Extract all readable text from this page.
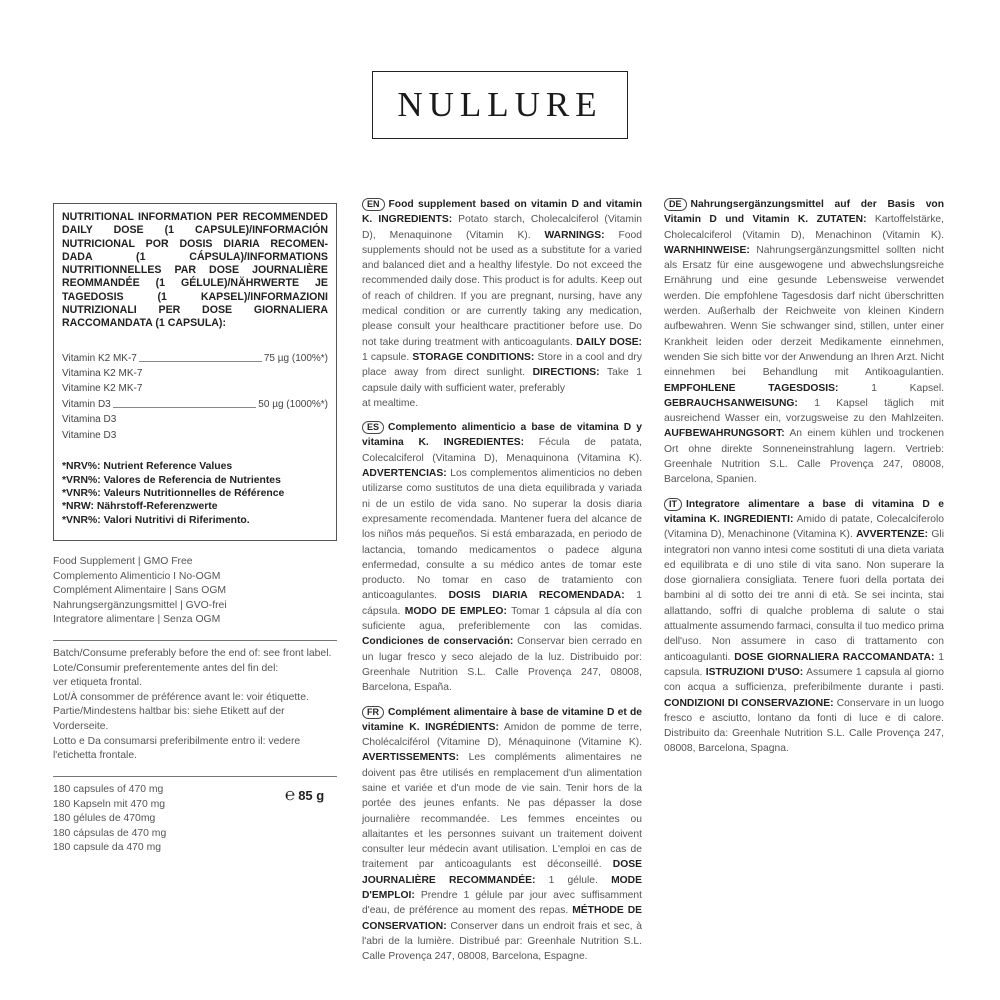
NULLURE

NUTRITIONAL INFORMATION PER RECOMMENDED DAILY DOSE (1 CAPSULE)/INFORMACIÓN NUTRICIONAL POR DOSIS DIARIA RECOMEN- DADA (1 CÁPSULA)/INFORMATIONS NUTRITIONNELLES PAR DOSE JOURNALIÈRE REOMMANDÉE (1 GÉLULE)/NÄHRWERTE JE TAGEDOSIS (1 KAPSEL)/INFORMAZIONI NUTRIZIONALI PER DOSE GIORNALIERA RACCOMANDATA (1 CAPSULA):

Vitamin K2 MK-7	75 µg (100%*)
Vitamina K2 MK-7
Vitamine K2 MK-7
Vitamin D3	50 µg (1000%*)
Vitamina D3
Vitamine D3
*NRV%: Nutrient Reference Values
*VRN%: Valores de Referencia de Nutrientes
*VNR%: Valeurs Nutritionnelles de Référence
*NRW: Nährstoff-Referenzwerte
*VNR%: Valori Nutritivi di Riferimento.
Food Supplement | GMO Free
Complemento Alimenticio I No-OGM
Complément Alimentaire | Sans OGM
Nahrungsergänzungsmittel | GVO-frei
Integratore alimentare | Senza OGM
Batch/Consume preferably before the end of: see front label.
Lote/Consumir preferentemente antes del fin del:
ver etiqueta frontal.
Lot/À consommer de préférence avant le: voir étiquette.
Partie/Mindestens haltbar bis: siehe Etikett auf der
Vorderseite.
Lotto e Da consumarsi preferibilmente entro il: vedere
l'etichetta frontale.
180 capsules of 470 mg
180 Kapseln mit 470 mg
180 gélules de 470mg
180 cápsulas de 470 mg
180 capsule da 470 mg
℮ 85 g

EN Food supplement based on vitamin D and vitamin K. INGREDIENTS: Potato starch, Cholecalciferol (Vitamin D), Menaquinone (Vitamin K). WARNINGS: Food supplements should not be used as a substitute for a varied and balanced diet and a healthy lifestyle. Do not exceed the recommended daily dose. This product is for adults. Keep out of reach of children. If you are pregnant, nursing, have any medical condition or are currently taking any medication, please consult your healthcare practitioner before use. Do not take during treatment with anticoagulants. DAILY DOSE: 1 capsule. STORAGE CONDITIONS: Store in a cool and dry place away from direct sunlight. DIRECTIONS: Take 1 capsule daily with sufficient water, preferably
at mealtime.

ES Complemento alimenticio a base de vitamina D y vitamina K. INGREDIENTES: Fécula de patata, Colecalciferol (Vitamina D), Menaquinona (Vitamina K). ADVERTENCIAS: Los complementos alimenticios no deben utilizarse como sustitutos de una dieta equilibrada y variada ni de un estilo de vida sano. No superar la dosis diaria expresamente recomendada. Mantener fuera del alcance de los niños más pequeños. Si está embarazada, en periodo de lactancia, tomando medicamentos o padece alguna enfermedad, consulte a su médico antes de tomar este producto. No tomar en caso de tratamiento con anticoagulantes. DOSIS DIARIA RECOMENDADA: 1 cápsula. MODO DE EMPLEO: Tomar 1 cápsula al día con suficiente agua, preferiblemente con las comidas. Condiciones de conservación: Conservar bien cerrado en un lugar fresco y seco alejado de la luz. Distribuido por: Greenhale Nutrition S.L. Calle Provença 247, 08008, Barcelona, España.

FR Complément alimentaire à base de vitamine D et de vitamine K. INGRÉDIENTS: Amidon de pomme de terre, Cholécalciférol (Vitamine D), Ménaquinone (Vitamine K). AVERTISSEMENTS: Les compléments alimentaires ne doivent pas être utilisés en remplacement d'un alimentation saine et variée et d'un mode de vie sain. Tenir hors de la portée des jeunes enfants. Ne pas dépasser la dose journalière recommandée. Les femmes enceintes ou allaitantes et les personnes suivant un traitement doivent consulter leur médecin avant utilisation. L'emploi en cas de traitement par anticoagulants est déconseillé. DOSE JOURNALIÈRE RECOMMANDÉE: 1 gélule. MODE D'EMPLOI: Prendre 1 gélule par jour avec suffisamment d'eau, de préférence au moment des repas. MÉTHODE DE CONSERVATION: Conserver dans un endroit frais et sec, à l'abri de la lumière. Distribué par: Greenhale Nutrition S.L. Calle Provença 247, 08008, Barcelona, Espagne.

DE Nahrungsergänzungsmittel auf der Basis von Vitamin D und Vitamin K. ZUTATEN: Kartoffelstärke, Cholecalciferol (Vitamin D), Menachinon (Vitamin K). WARNHINWEISE: Nahrungsergänzungsmittel sollten nicht als Ersatz für eine ausgewogene und abwechslungsreiche Ernährung und eine gesunde Lebensweise verwendet werden. Die empfohlene Tagesdosis darf nicht überschritten werden. Außerhalb der Reichweite von kleinen Kindern aufbewahren. Wenn Sie schwanger sind, stillen, unter einer Krankheit leiden oder derzeit Medikamente einnehmen, wenden Sie sich bitte vor der Anwendung an Ihren Arzt. Nicht einnehmen bei Behandlung mit Antikoagulantien. EMPFOHLENE TAGESDOSIS:	1 Kapsel. GEBRAUCHSANWEISUNG: 1 Kapsel täglich mit ausreichend Wasser ein, vorzugsweise zu den Mahlzeiten. AUFBEWAHRUNGSORT: An einem kühlen und trockenen Ort ohne direkte Sonneneinstrahlung lagern. Vertrieb: Greenhale Nutrition S.L. Calle Provença 247, 08008, Barcelona, Spanien.

IT Integratore alimentare a base di vitamina D e vitamina K. INGREDIENTI: Amido di patate, Colecalciferolo (Vitamina D), Menachinone (Vitamina K). AVVERTENZE: Gli integratori non vanno intesi come sostituti di una dieta variata ed equilibrata e di uno stile di vita sano. Non superare la dose giornaliera consigliata. Tenere fuori della portata dei bambini al di sotto dei tre anni di età. Se sei incinta, stai allattando, soffri di qualche problema di salute o stai attualmente assumendo farmaci, consulta il tuo medico prima dell'uso. Non assumere in caso di trattamento con anticoagulanti. DOSE GIORNALIERA RACCOMANDATA: 1 capsula. ISTRUZIONI D'USO: Assumere 1 capsula al giorno con acqua a sufficienza, preferibilmente durante i pasti. CONDIZIONI DI CONSERVAZIONE: Conservare in un luogo fresco e asciutto, lontano da fonti di luce e di calore. Distribuito da: Greenhale Nutrition S.L. Calle Provença 247, 08008, Barcelona, Spagna.
